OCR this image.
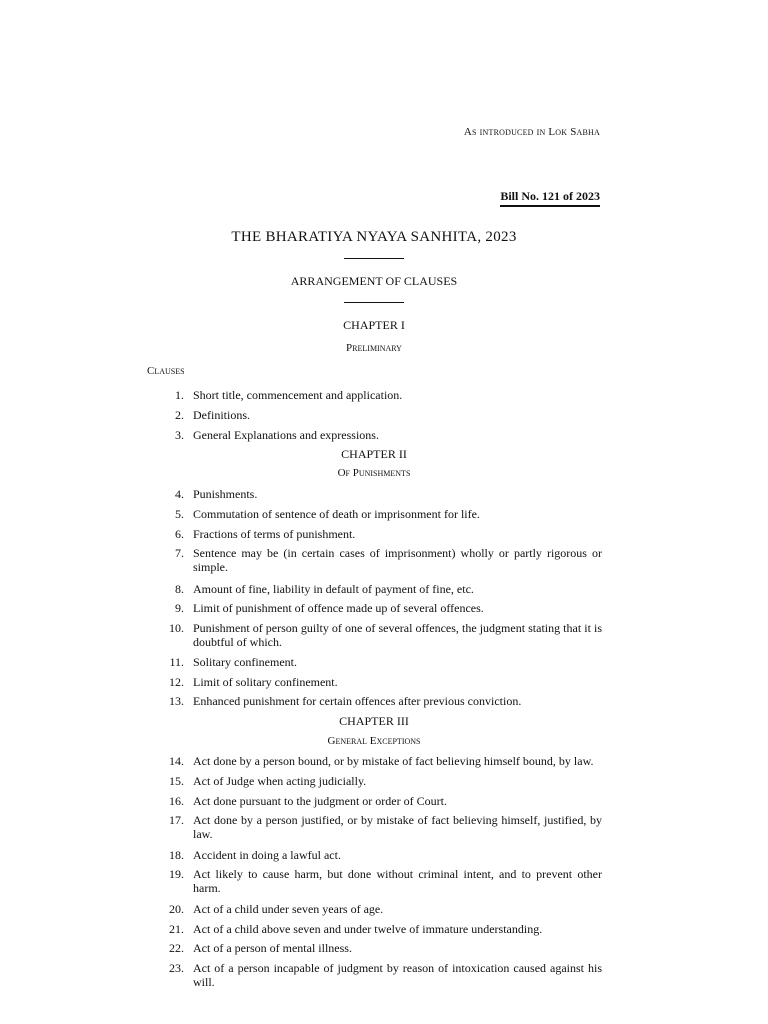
As introduced in Lok Sabha
Bill No. 121 of 2023
THE BHARATIYA NYAYA SANHITA, 2023
ARRANGEMENT OF CLAUSES
CHAPTER I
Preliminary
Clauses
1. Short title, commencement and application.
2. Definitions.
3. General Explanations and expressions.
CHAPTER II
Of Punishments
4. Punishments.
5. Commutation of sentence of death or imprisonment for life.
6. Fractions of terms of punishment.
7. Sentence may be (in certain cases of imprisonment) wholly or partly rigorous or simple.
8. Amount of fine, liability in default of payment of fine, etc.
9. Limit of punishment of offence made up of several offences.
10. Punishment of person guilty of one of several offences, the judgment stating that it is doubtful of which.
11. Solitary confinement.
12. Limit of solitary confinement.
13. Enhanced punishment for certain offences after previous conviction.
CHAPTER III
General Exceptions
14. Act done by a person bound, or by mistake of fact believing himself bound, by law.
15. Act of Judge when acting judicially.
16. Act done pursuant to the judgment or order of Court.
17. Act done by a person justified, or by mistake of fact believing himself, justified, by law.
18. Accident in doing a lawful act.
19. Act likely to cause harm, but done without criminal intent, and to prevent other harm.
20. Act of a child under seven years of age.
21. Act of a child above seven and under twelve of immature understanding.
22. Act of a person of mental illness.
23. Act of a person incapable of judgment by reason of intoxication caused against his will.
